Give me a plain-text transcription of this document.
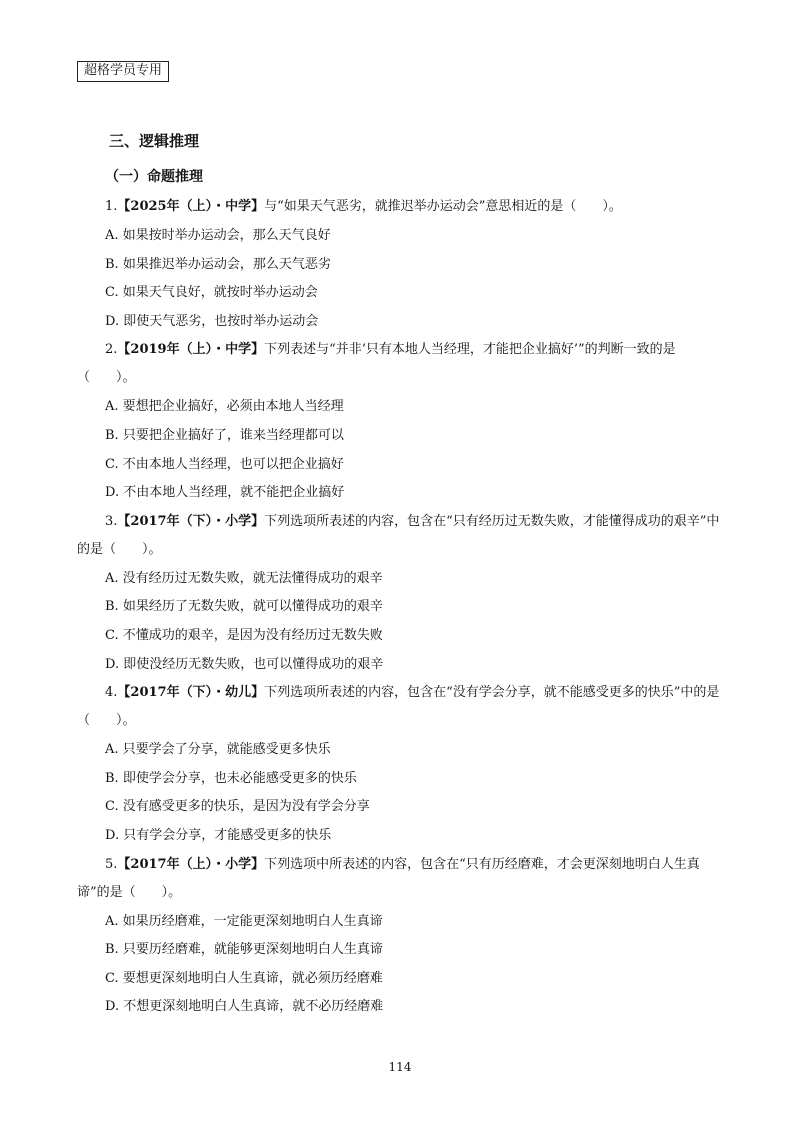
超格学员专用
三、逻辑推理
（一）命题推理

1.【2025年（上）・中学】与“如果天气恶劣，就推迟举办运动会”意思相近的是（　　）。

A. 如果按时举办运动会，那么天气良好

B. 如果推迟举办运动会，那么天气恶劣

C. 如果天气良好，就按时举办运动会

D. 即使天气恶劣，也按时举办运动会

2.【2019年（上）・中学】下列表述与“并非‘只有本地人当经理，才能把企业搞好’”的判断一致的是（　　）。

A. 要想把企业搞好，必须由本地人当经理

B. 只要把企业搞好了，谁来当经理都可以

C. 不由本地人当经理，也可以把企业搞好

D. 不由本地人当经理，就不能把企业搞好

3.【2017年（下）・小学】下列选项所表述的内容，包含在“只有经历过无数失败，才能懂得成功的艰辛”中的是（　　）。

A. 没有经历过无数失败，就无法懂得成功的艰辛

B. 如果经历了无数失败，就可以懂得成功的艰辛

C. 不懂成功的艰辛，是因为没有经历过无数失败

D. 即使没经历无数失败，也可以懂得成功的艰辛

4.【2017年（下）・幼儿】下列选项所表述的内容，包含在“没有学会分享，就不能感受更多的快乐”中的是（　　）。

A. 只要学会了分享，就能感受更多快乐

B. 即使学会分享，也未必能感受更多的快乐

C. 没有感受更多的快乐，是因为没有学会分享

D. 只有学会分享，才能感受更多的快乐

5.【2017年（上）・小学】下列选项中所表述的内容，包含在“只有历经磨难，才会更深刻地明白人生真谛”的是（　　）。

A. 如果历经磨难，一定能更深刻地明白人生真谛

B. 只要历经磨难，就能够更深刻地明白人生真谛

C. 要想更深刻地明白人生真谛，就必须历经磨难

D. 不想更深刻地明白人生真谛，就不必历经磨难

114
